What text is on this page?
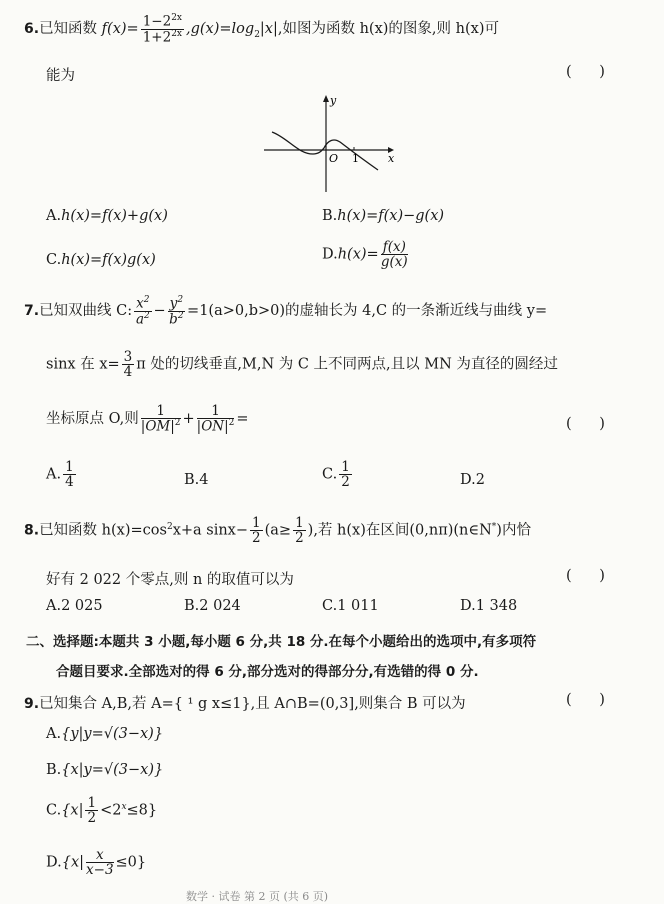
6.已知函数 $f(x)= \frac{1-2^{2x}}{1+2^{2x}} ,g(x)=\log_2|x|$,如图为函数 h(x)的图象,则 h(x)可
能为	(      )
y
x
O 1
A.h(x)=f(x)+g(x)	B.h(x)=f(x)−g(x)
C.h(x)=f(x)g(x)	$D.h(x)= \frac{f(x)}{g(x)}$
7.已知双曲线 C: $\frac{x^2}{a^2} - \frac{y^2}{b^2} =1(a>0,b>0)$的虚轴长为 4,C 的一条渐近线与曲线 y=
sinx 在 $x= \frac{3}{4}$ π 处的切线垂直,M,N 为 C 上不同两点,且以 MN 为直径的圆经过
坐标原点 O,则 $\frac{1}{|OM|^2} + \frac{1}{|ON|^2}$ =	(      )
A. $\frac{1}{4}$	B.4	C. $\frac{1}{2}$	D.2
8.已知函数 $h(x)=\cos^2x+a$ $\sin x- \frac{1}{2} (a\ge \frac{1}{2}$ ),若 h(x)在区间(0,nπ)(n∈N*)内恰
好有 2 022 个零点,则 n 的取值可以为	(      )
A.2 025	B.2 024	C.1 011	D.1 348
二、选择题:本题共 3 小题,每小题 6 分,共 18 分.在每个小题给出的选项中,有多项符
合题目要求.全部选对的得 6 分,部分选对的得部分分,有选错的得 0 分.
9.已知集合 A,B,若 A={ ¹ g x≤1},且 A∩B=(0,3],则集合 B 可以为	(      )
A.{y|y=√(3−x)}
B.{x|y=√(3−x)}
$C.\{x| \frac{1}{2} <2^x\le 8\}$
$D.\{x| \frac{x}{x-3} \le 0\}$
数学 · 试卷 第 2 页 (共 6 页)
